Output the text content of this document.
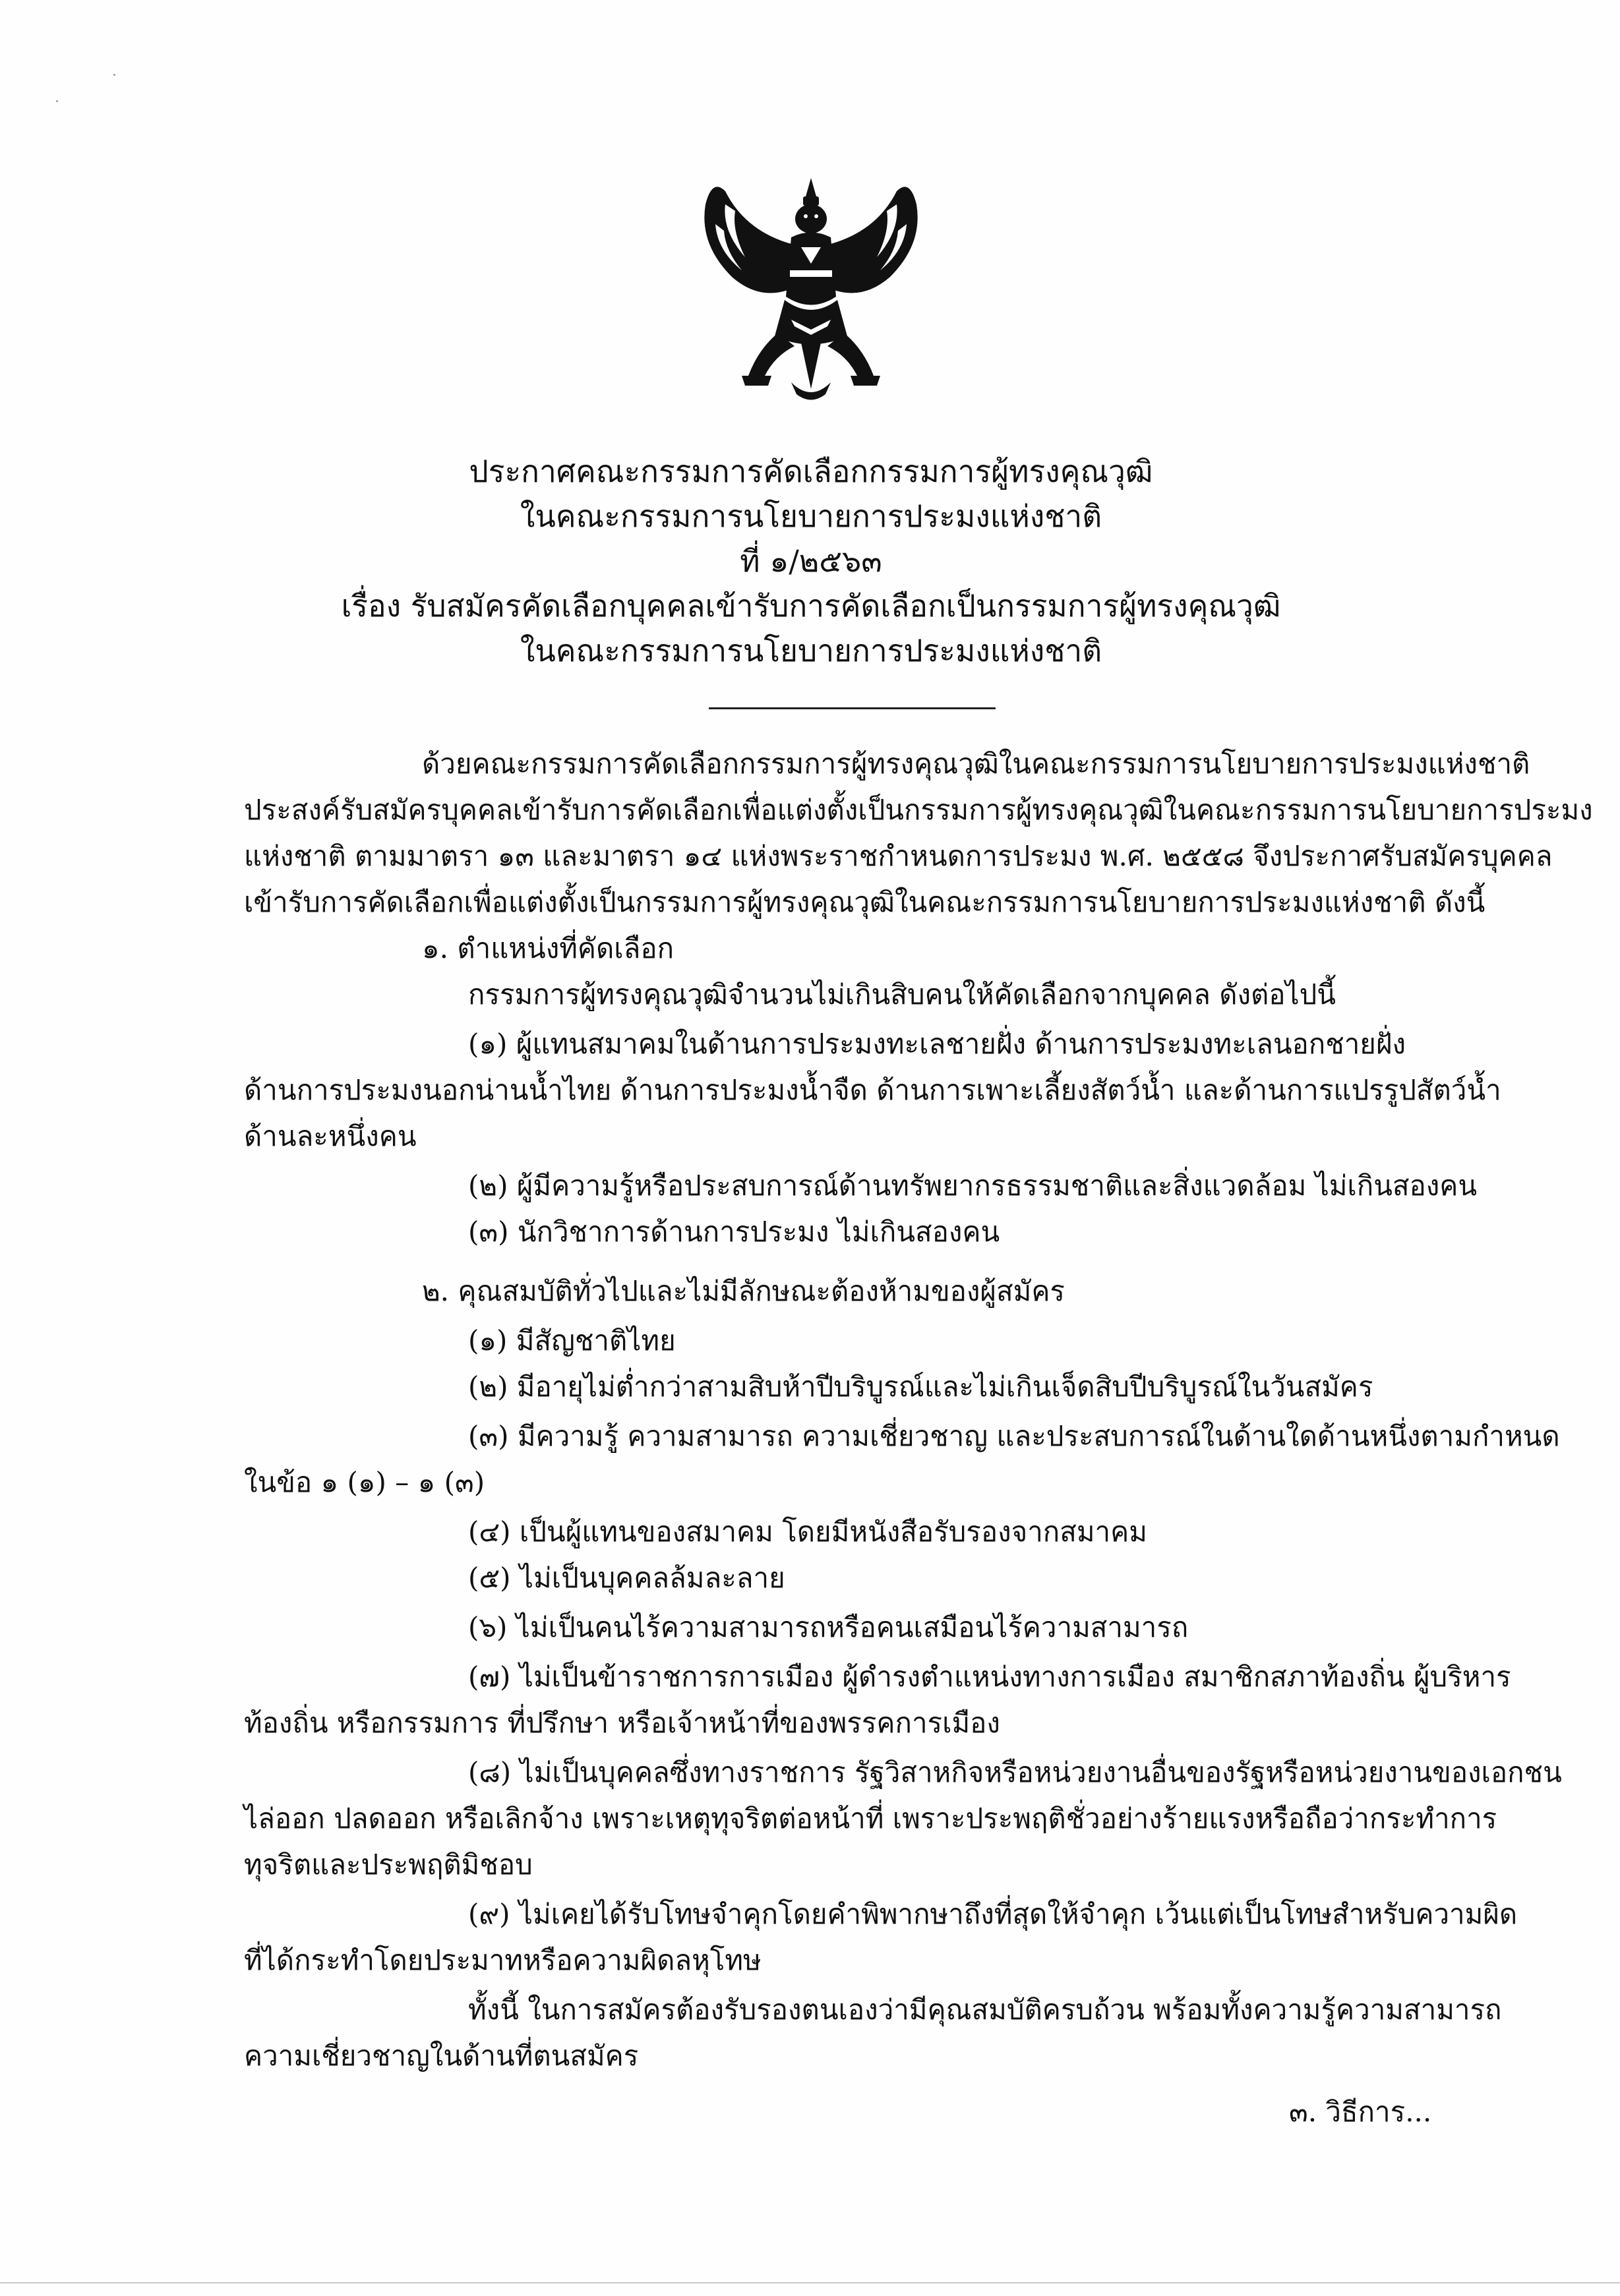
ประกาศคณะกรรมการคัดเลือกกรรมการผู้ทรงคุณวุฒิ
ในคณะกรรมการนโยบายการประมงแห่งชาติ
ที่ ๑/๒๕๖๓
เรื่อง รับสมัครคัดเลือกบุคคลเข้ารับการคัดเลือกเป็นกรรมการผู้ทรงคุณวุฒิ
ในคณะกรรมการนโยบายการประมงแห่งชาติ
ด้วยคณะกรรมการคัดเลือกกรรมการผู้ทรงคุณวุฒิในคณะกรรมการนโยบายการประมงแห่งชาติ
ประสงค์รับสมัครบุคคลเข้ารับการคัดเลือกเพื่อแต่งตั้งเป็นกรรมการผู้ทรงคุณวุฒิในคณะกรรมการนโยบายการประมง
แห่งชาติ ตามมาตรา ๑๓ และมาตรา ๑๔ แห่งพระราชกำหนดการประมง พ.ศ. ๒๕๕๘ จึงประกาศรับสมัครบุคคล
เข้ารับการคัดเลือกเพื่อแต่งตั้งเป็นกรรมการผู้ทรงคุณวุฒิในคณะกรรมการนโยบายการประมงแห่งชาติ ดังนี้
๑. ตำแหน่งที่คัดเลือก
กรรมการผู้ทรงคุณวุฒิจำนวนไม่เกินสิบคนให้คัดเลือกจากบุคคล ดังต่อไปนี้
(๑) ผู้แทนสมาคมในด้านการประมงทะเลชายฝั่ง ด้านการประมงทะเลนอกชายฝั่ง
ด้านการประมงนอกน่านน้ำไทย ด้านการประมงน้ำจืด ด้านการเพาะเลี้ยงสัตว์น้ำ และด้านการแปรรูปสัตว์น้ำ
ด้านละหนึ่งคน
(๒) ผู้มีความรู้หรือประสบการณ์ด้านทรัพยากรธรรมชาติและสิ่งแวดล้อม ไม่เกินสองคน
(๓) นักวิชาการด้านการประมง ไม่เกินสองคน
๒. คุณสมบัติทั่วไปและไม่มีลักษณะต้องห้ามของผู้สมัคร
(๑) มีสัญชาติไทย
(๒) มีอายุไม่ต่ำกว่าสามสิบห้าปีบริบูรณ์และไม่เกินเจ็ดสิบปีบริบูรณ์ในวันสมัคร
(๓) มีความรู้ ความสามารถ ความเชี่ยวชาญ และประสบการณ์ในด้านใดด้านหนึ่งตามกำหนด
ในข้อ ๑ (๑) – ๑ (๓)
(๔) เป็นผู้แทนของสมาคม โดยมีหนังสือรับรองจากสมาคม
(๕) ไม่เป็นบุคคลล้มละลาย
(๖) ไม่เป็นคนไร้ความสามารถหรือคนเสมือนไร้ความสามารถ
(๗) ไม่เป็นข้าราชการการเมือง ผู้ดำรงตำแหน่งทางการเมือง สมาชิกสภาท้องถิ่น ผู้บริหาร
ท้องถิ่น หรือกรรมการ ที่ปรึกษา หรือเจ้าหน้าที่ของพรรคการเมือง
(๘) ไม่เป็นบุคคลซึ่งทางราชการ รัฐวิสาหกิจหรือหน่วยงานอื่นของรัฐหรือหน่วยงานของเอกชน
ไล่ออก ปลดออก หรือเลิกจ้าง เพราะเหตุทุจริตต่อหน้าที่ เพราะประพฤติชั่วอย่างร้ายแรงหรือถือว่ากระทำการ
ทุจริตและประพฤติมิชอบ
(๙) ไม่เคยได้รับโทษจำคุกโดยคำพิพากษาถึงที่สุดให้จำคุก เว้นแต่เป็นโทษสำหรับความผิด
ที่ได้กระทำโดยประมาทหรือความผิดลหุโทษ
ทั้งนี้ ในการสมัครต้องรับรองตนเองว่ามีคุณสมบัติครบถ้วน พร้อมทั้งความรู้ความสามารถ
ความเชี่ยวชาญในด้านที่ตนสมัคร
๓. วิธีการ...
